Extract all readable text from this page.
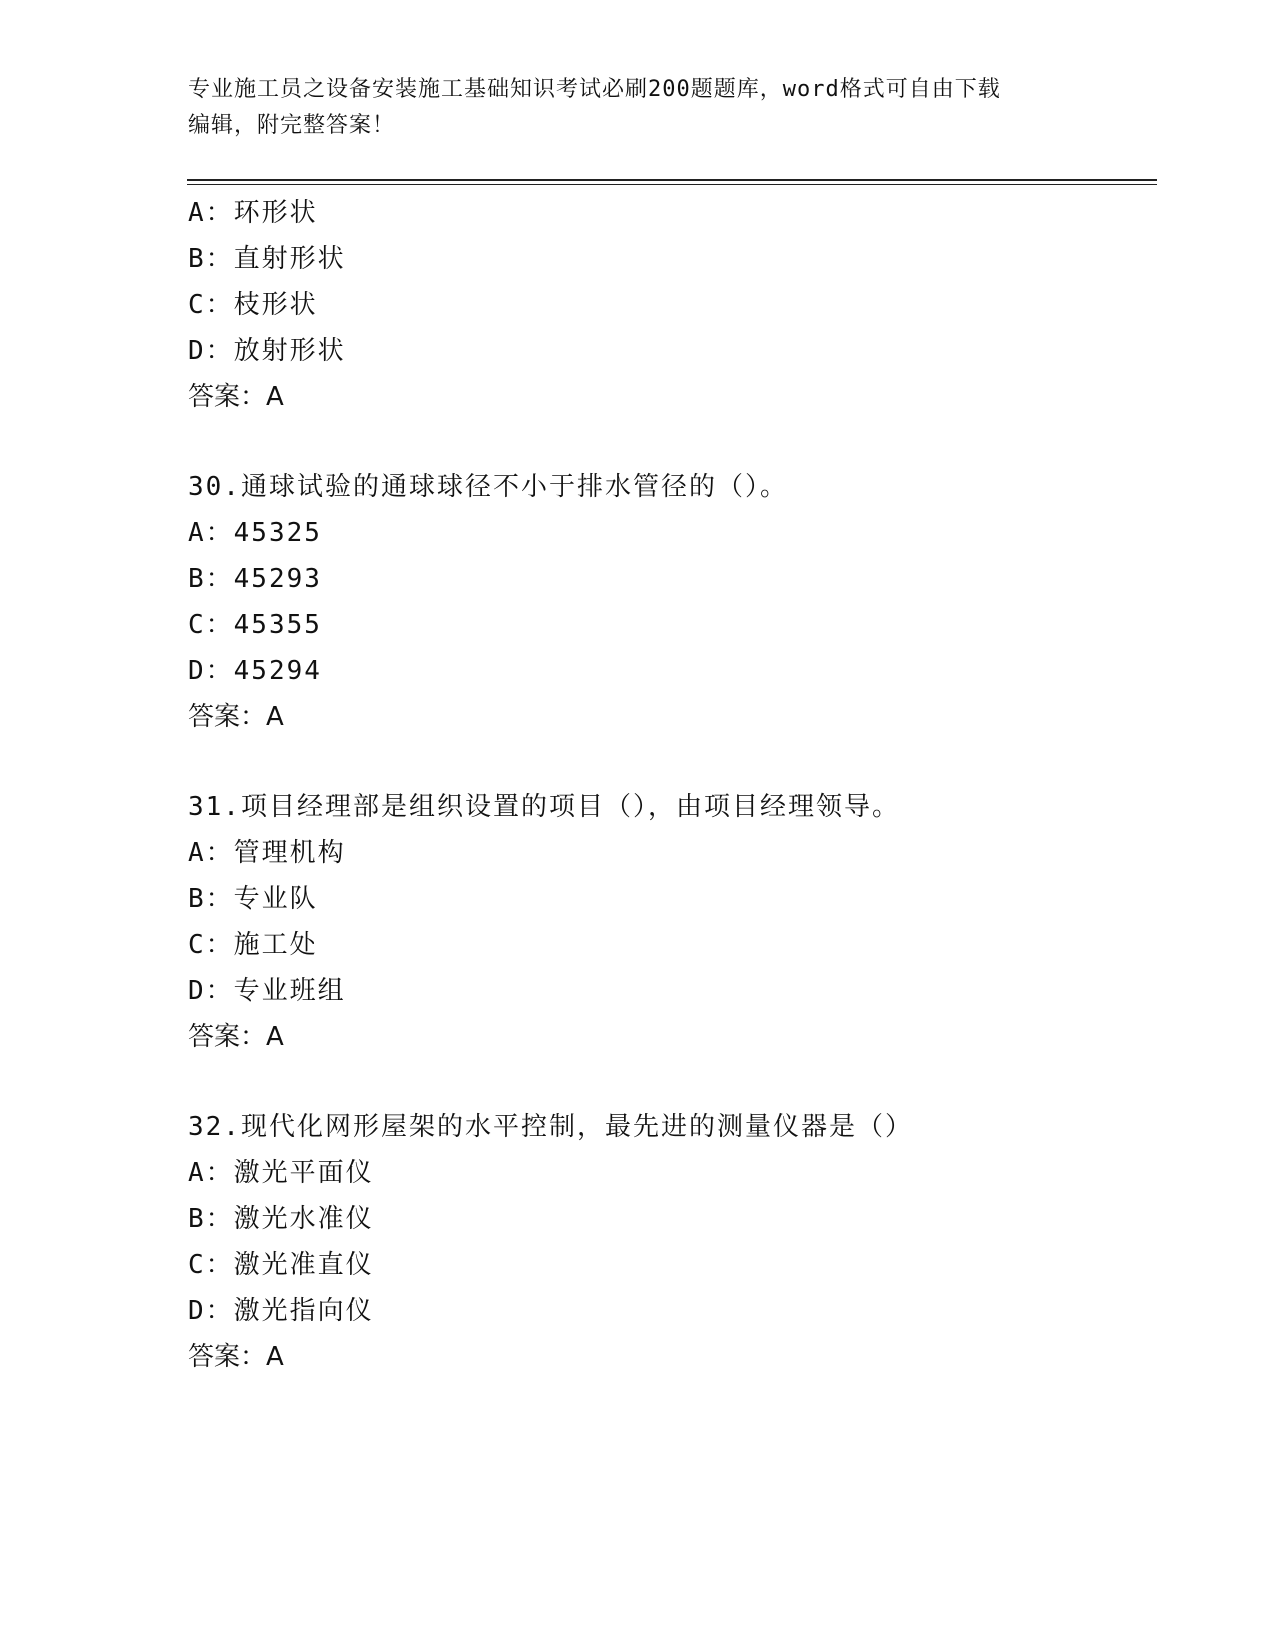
专业施工员之设备安装施工基础知识考试必刷200题题库，word格式可自由下载
编辑，附完整答案！
A：环形状
B：直射形状
C：枝形状
D：放射形状
答案：A
30.通球试验的通球球径不小于排水管径的（）。
A：45325
B：45293
C：45355
D：45294
答案：A
31.项目经理部是组织设置的项目（），由项目经理领导。
A：管理机构
B：专业队
C：施工处
D：专业班组
答案：A
32.现代化网形屋架的水平控制，最先进的测量仪器是（）
A：激光平面仪
B：激光水准仪
C：激光准直仪
D：激光指向仪
答案：A
